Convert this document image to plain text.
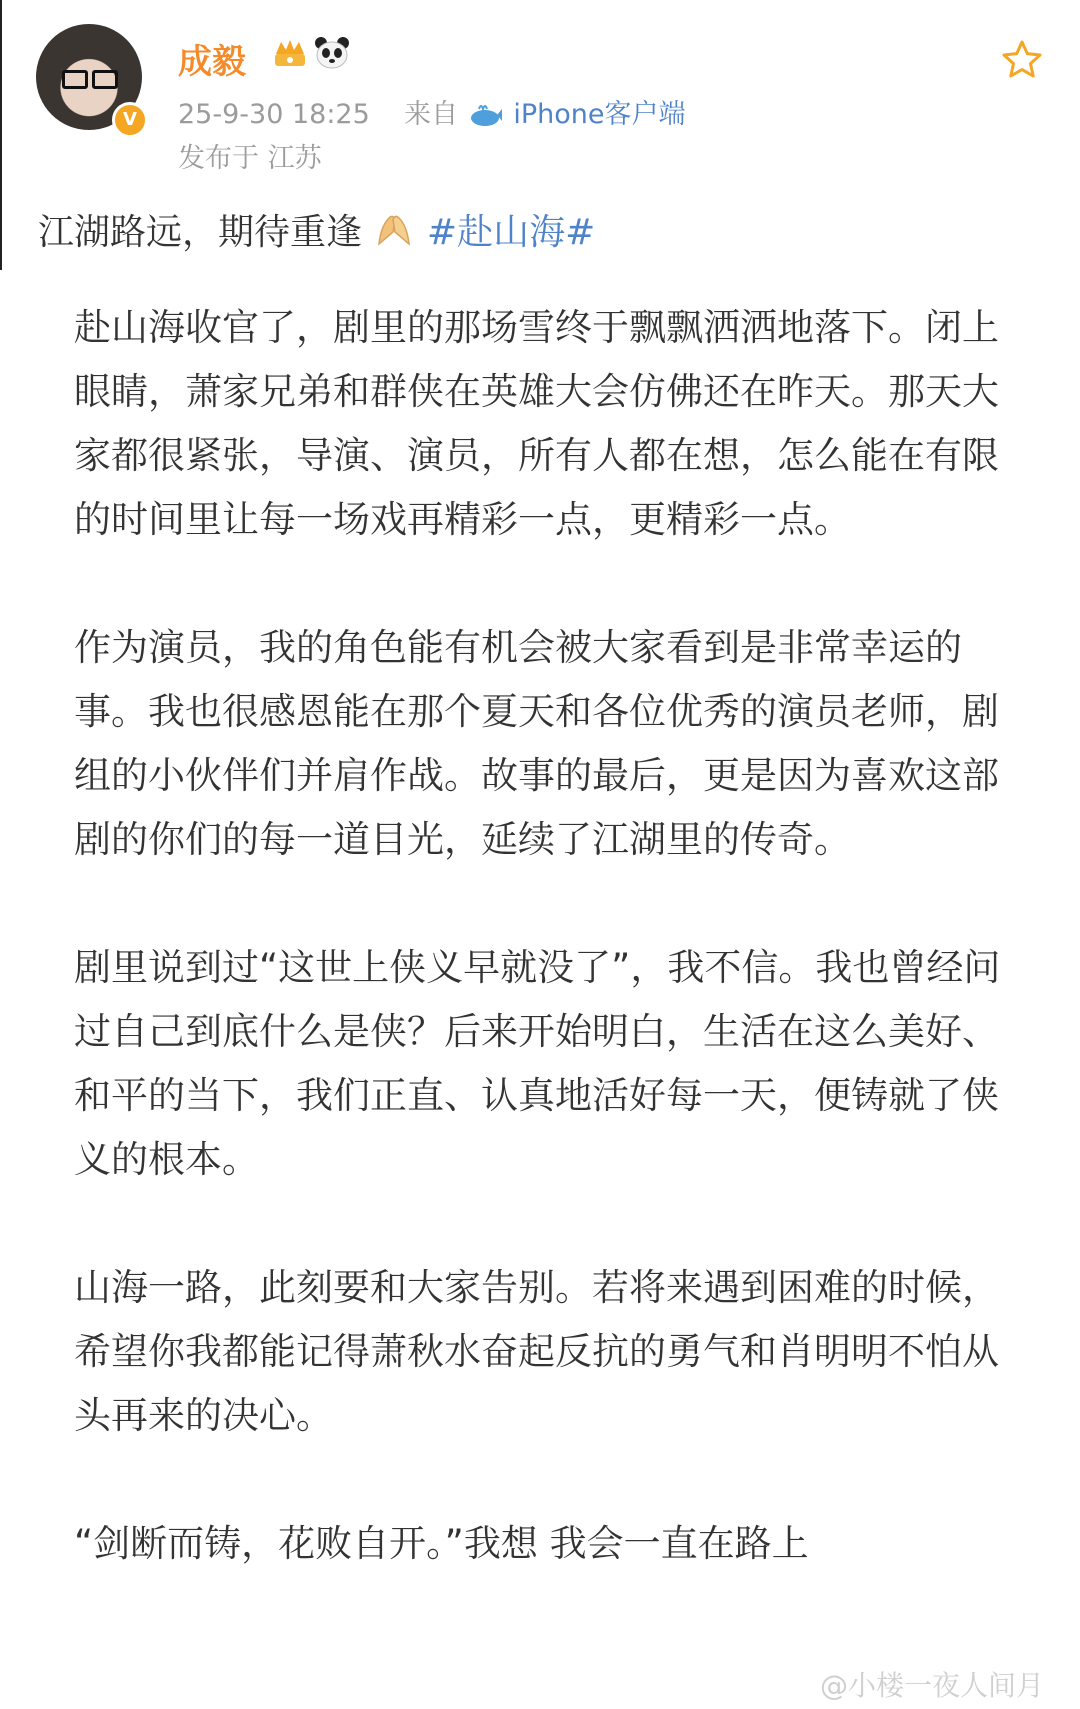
V
成毅
25-9-30 18:25 来自 iPhone客户端
发布于 江苏
江湖路远，期待重逢 #赴山海#

赴山海收官了，剧里的那场雪终于飘飘洒洒地落下。闭上眼睛，萧家兄弟和群侠在英雄大会仿佛还在昨天。那天大家都很紧张，导演、演员，所有人都在想，怎么能在有限的时间里让每一场戏再精彩一点，更精彩一点。

作为演员，我的角色能有机会被大家看到是非常幸运的事。我也很感恩能在那个夏天和各位优秀的演员老师，剧组的小伙伴们并肩作战。故事的最后，更是因为喜欢这部剧的你们的每一道目光，延续了江湖里的传奇。

剧里说到过“这世上侠义早就没了”，我不信。我也曾经问过自己到底什么是侠？后来开始明白，生活在这么美好、和平的当下，我们正直、认真地活好每一天，便铸就了侠义的根本。

山海一路，此刻要和大家告别。若将来遇到困难的时候，希望你我都能记得萧秋水奋起反抗的勇气和肖明明不怕从头再来的决心。

“剑断而铸，花败自开。”我想 我会一直在路上

@小楼一夜人间月
